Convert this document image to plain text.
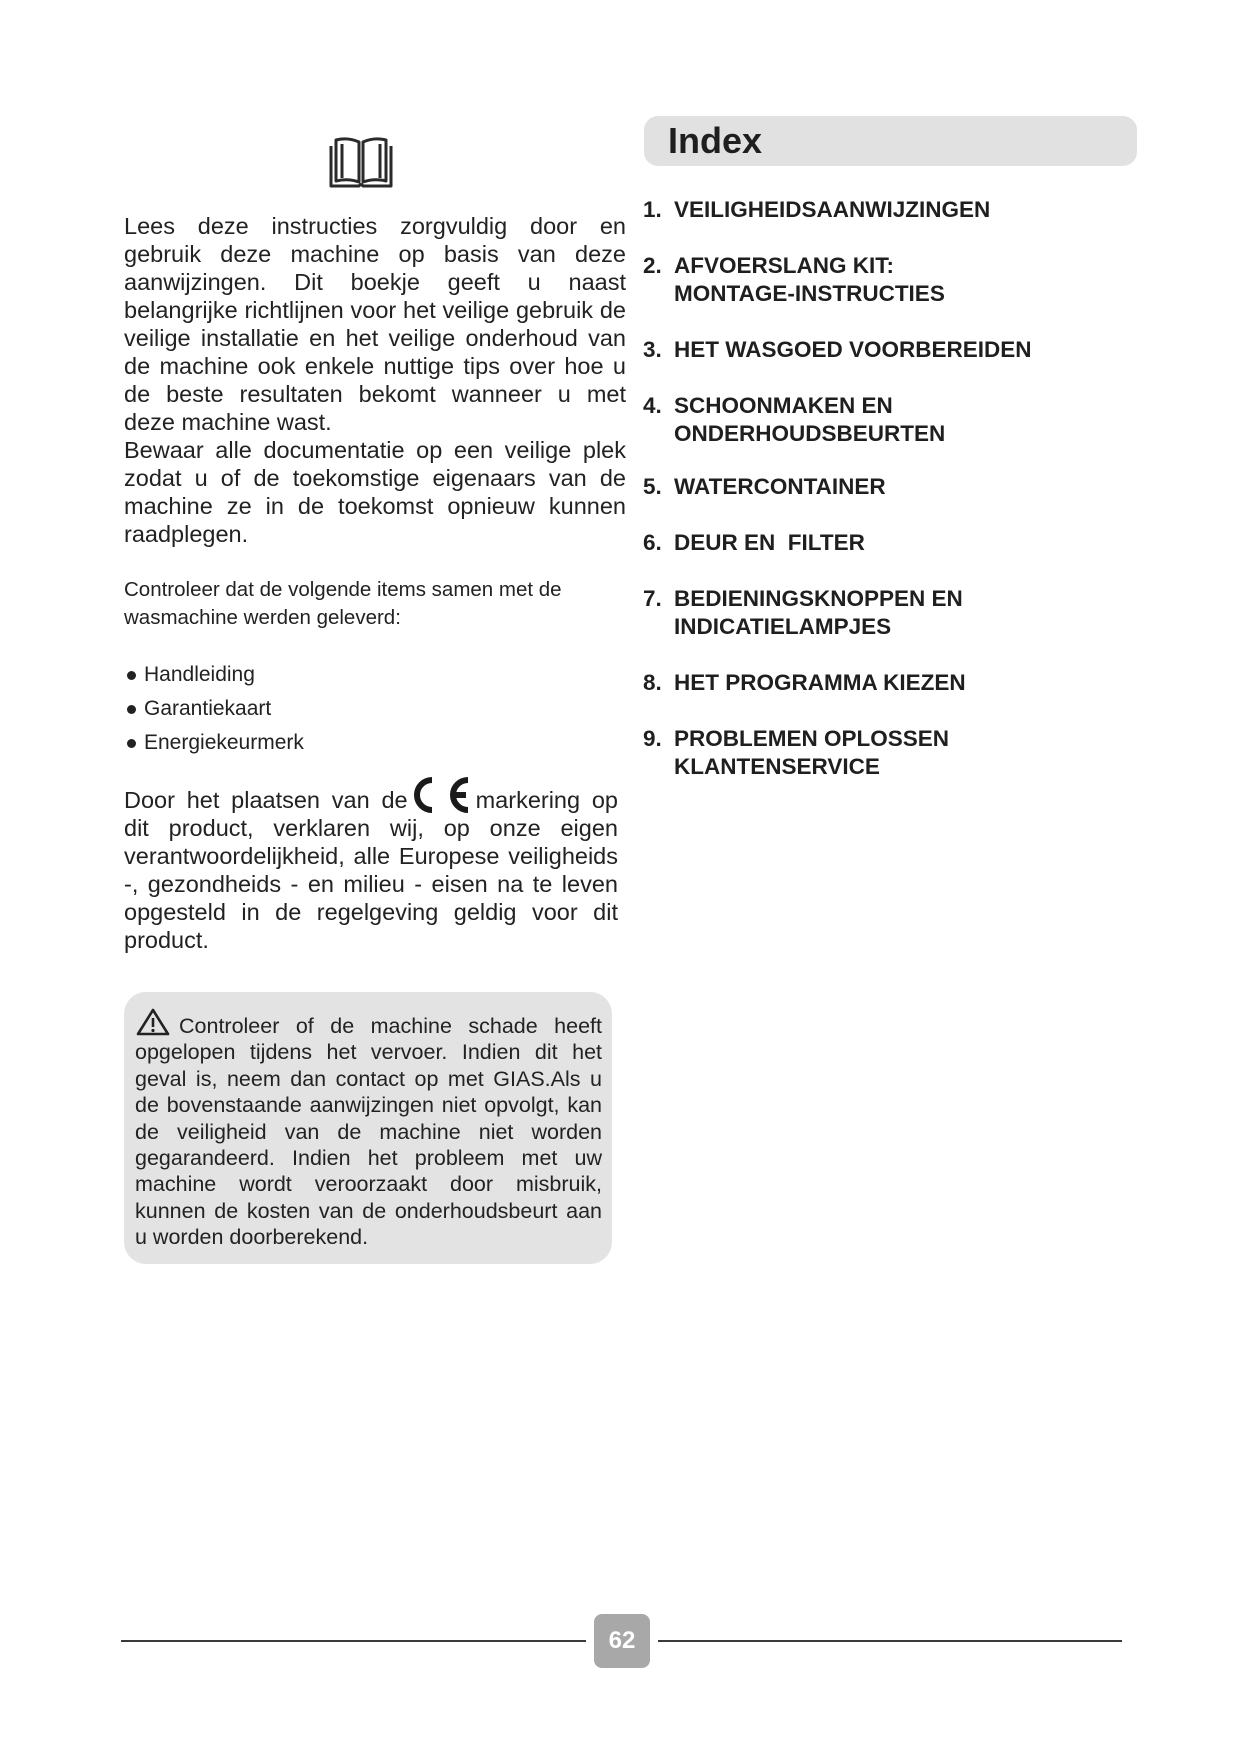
Lees deze instructies zorgvuldig door en gebruik deze machine op basis van deze aanwijzingen. Dit boekje geeft u naast belangrijke richtlijnen voor het veilige gebruik de veilige installatie en het veilige onderhoud van de machine ook enkele nuttige tips over hoe u de beste resultaten bekomt wanneer u met deze machine wast.

Bewaar alle documentatie op een veilige plek zodat u of de toekomstige eigenaars van de machine ze in de toekomst opnieuw kunnen raadplegen.

Controleer dat de volgende items samen met de wasmachine werden geleverd:

Handleiding
Garantiekaart
Energiekeurmerk

Door het plaatsen van de	markering op dit product, verklaren wij, op onze eigen verantwoordelijkheid, alle Europese veiligheids -, gezondheids - en milieu - eisen na te leven opgesteld in de regelgeving geldig voor dit product.

Controleer of de machine schade heeft opgelopen tijdens het vervoer. Indien dit het geval is, neem dan contact op met GIAS.Als u de bovenstaande aanwijzingen niet opvolgt, kan de veiligheid van de machine niet worden gegarandeerd. Indien het probleem met uw machine wordt veroorzaakt door misbruik, kunnen de kosten van de onderhoudsbeurt aan u worden doorberekend.

Index
1. VEILIGHEIDSAANWIJZINGEN
2. AFVOERSLANG KIT:
MONTAGE-INSTRUCTIES
3. HET WASGOED VOORBEREIDEN
4. SCHOONMAKEN EN
ONDERHOUDSBEURTEN
5. WATERCONTAINER
6. DEUR EN  FILTER
7. BEDIENINGSKNOPPEN EN
INDICATIELAMPJES
8. HET PROGRAMMA KIEZEN
9. PROBLEMEN OPLOSSEN
KLANTENSERVICE
62
